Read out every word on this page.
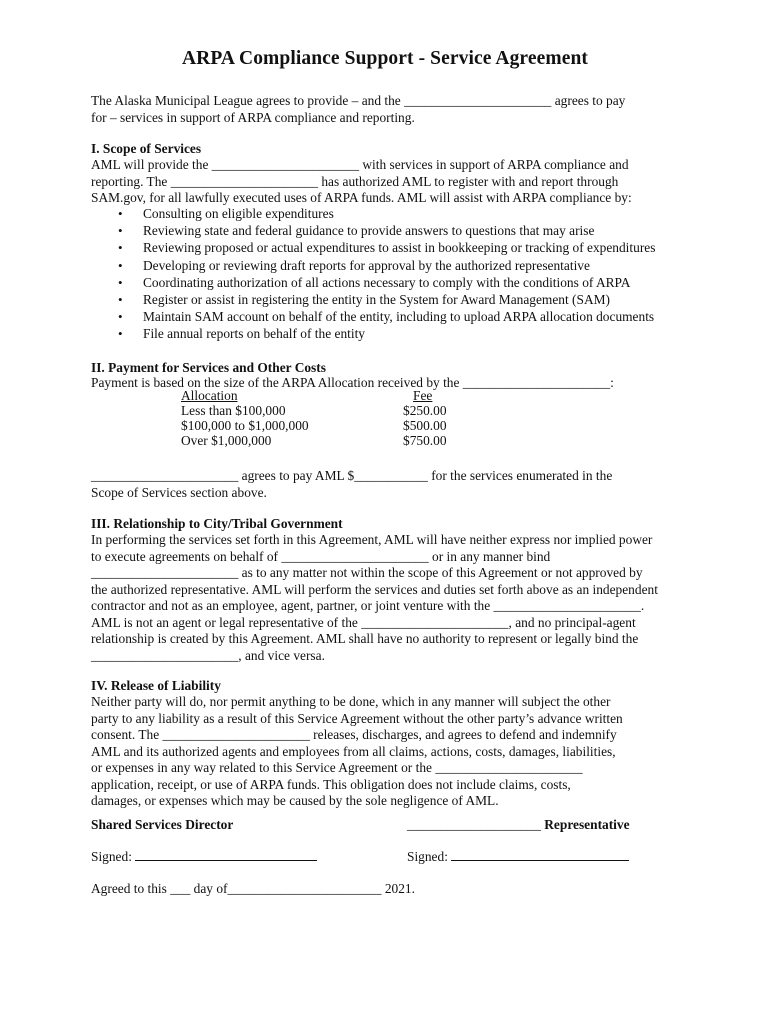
ARPA Compliance Support - Service Agreement
The Alaska Municipal League agrees to provide – and the ______________________ agrees to pay
for – services in support of ARPA compliance and reporting.
I. Scope of Services
AML will provide the ______________________ with services in support of ARPA compliance and
reporting. The ______________________ has authorized AML to register with and report through
SAM.gov, for all lawfully executed uses of ARPA funds. AML will assist with ARPA compliance by:
• Consulting on eligible expenditures
• Reviewing state and federal guidance to provide answers to questions that may arise
• Reviewing proposed or actual expenditures to assist in bookkeeping or tracking of expenditures
• Developing or reviewing draft reports for approval by the authorized representative
• Coordinating authorization of all actions necessary to comply with the conditions of ARPA
• Register or assist in registering the entity in the System for Award Management (SAM)
• Maintain SAM account on behalf of the entity, including to upload ARPA allocation documents
• File annual reports on behalf of the entity
II. Payment for Services and Other Costs
Payment is based on the size of the ARPA Allocation received by the ______________________:
Allocation	Fee
Less than $100,000	$250.00
$100,000 to $1,000,000	$500.00
Over $1,000,000	$750.00
______________________ agrees to pay AML $___________ for the services enumerated in the
Scope of Services section above.
III. Relationship to City/Tribal Government
In performing the services set forth in this Agreement, AML will have neither express nor implied power
to execute agreements on behalf of ______________________ or in any manner bind
______________________ as to any matter not within the scope of this Agreement or not approved by
the authorized representative. AML will perform the services and duties set forth above as an independent
contractor and not as an employee, agent, partner, or joint venture with the ______________________.
AML is not an agent or legal representative of the ______________________, and no principal-agent
relationship is created by this Agreement. AML shall have no authority to represent or legally bind the
______________________, and vice versa.
IV. Release of Liability
Neither party will do, nor permit anything to be done, which in any manner will subject the other
party to any liability as a result of this Service Agreement without the other party’s advance written
consent. The ______________________ releases, discharges, and agrees to defend and indemnify
AML and its authorized agents and employees from all claims, actions, costs, damages, liabilities,
or expenses in any way related to this Service Agreement or the ______________________
application, receipt, or use of ARPA funds. This obligation does not include claims, costs,
damages, or expenses which may be caused by the sole negligence of AML.
Shared Services Director	____________________ Representative
Signed:	Signed:
Agreed to this ___ day of_______________________ 2021.
